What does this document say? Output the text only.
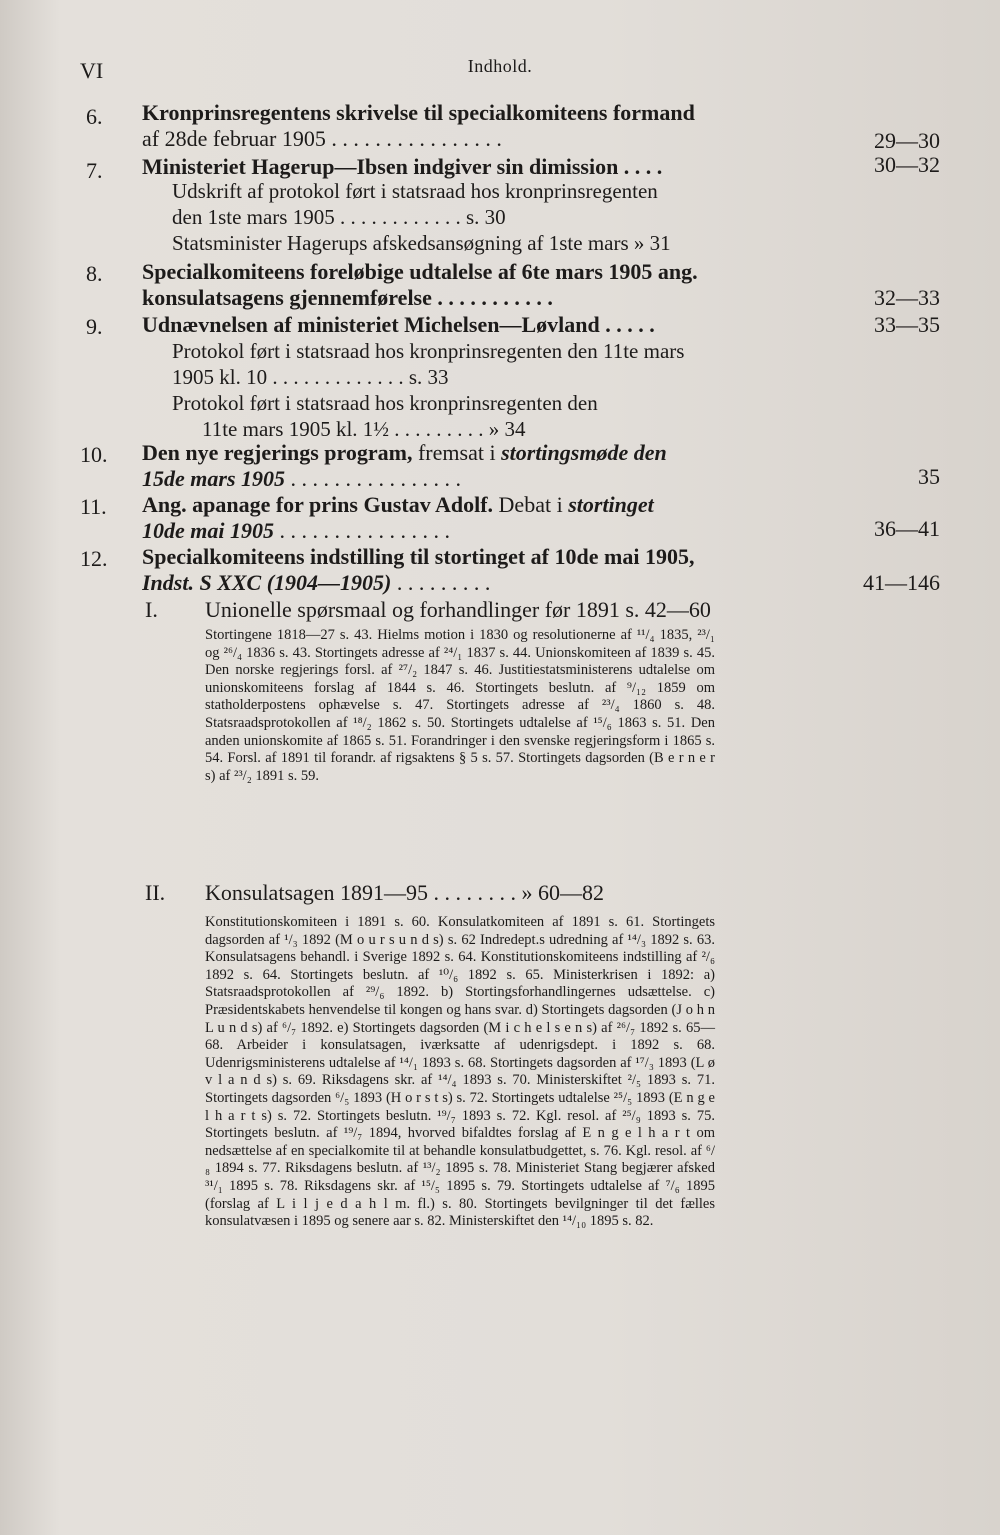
VI	Indhold.
6.	Kronprinsregentens skrivelse til specialkomiteens formand
af 28de februar 1905 . . . . . . . . . . . . . . . .	29—30
7.	Ministeriet Hagerup—Ibsen indgiver sin dimission . . . .	30—32
Udskrift af protokol ført i statsraad hos kronprinsregenten
den 1ste mars 1905 . . . . . . . . . . . . s. 30
Statsminister Hagerups afskedsansøgning af 1ste mars » 31
8.	Specialkomiteens foreløbige udtalelse af 6te mars 1905 ang.
konsulatsagens gjennemførelse . . . . . . . . . . .	32—33
9.	Udnævnelsen af ministeriet Michelsen—Løvland . . . . .	33—35
Protokol ført i statsraad hos kronprinsregenten den 11te mars
1905 kl. 10 . . . . . . . . . . . . . s. 33
Protokol ført i statsraad hos kronprinsregenten den
11te mars 1905 kl. 1½ . . . . . . . . . » 34
10.	Den nye regjerings program, fremsat i stortingsmøde den
15de mars 1905 . . . . . . . . . . . . . . . .	35
11.	Ang. apanage for prins Gustav Adolf. Debat i stortinget
10de mai 1905 . . . . . . . . . . . . . . . .	36—41
12.	Specialkomiteens indstilling til stortinget af 10de mai 1905,
Indst. S XXC (1904—1905) . . . . . . . . .	41—146
I. Unionelle spørsmaal og forhandlinger før 1891 s. 42—60
Stortingene 1818—27 s. 43. Hielms motion i 1830 og resolutionerne af ¹¹/₄ 1835, ²³/₁ og ²⁶/₄ 1836 s. 43. Stortingets adresse af ²⁴/₁ 1837 s. 44. Unionskomiteen af 1839 s. 45. Den norske regjerings forsl. af ²⁷/₂ 1847 s. 46. Justitiestatsministerens udtalelse om unionskomiteens forslag af 1844 s. 46. Stortingets beslutn. af ⁹/₁₂ 1859 om statholderpostens ophævelse s. 47. Stortingets adresse af ²³/₄ 1860 s. 48. Statsraadsprotokollen af ¹⁸/₂ 1862 s. 50. Stortingets udtalelse af ¹⁵/₆ 1863 s. 51. Den anden unionskomite af 1865 s. 51. Forandringer i den svenske regjeringsform i 1865 s. 54. Forsl. af 1891 til forandr. af rigsaktens § 5 s. 57. Stortingets dagsorden (B e r n e r s) af ²³/₂ 1891 s. 59.
II. Konsulatsagen 1891—95 . . . . . . . . » 60—82
Konstitutionskomiteen i 1891 s. 60. Konsulatkomiteen af 1891 s. 61. Stortingets dagsorden af ¹/₃ 1892 (M o u r s u n d s) s. 62 Indredept.s udredning af ¹⁴/₃ 1892 s. 63. Konsulatsagens behandl. i Sverige 1892 s. 64. Konstitutionskomiteens indstilling af ²/₆ 1892 s. 64. Stortingets beslutn. af ¹⁰/₆ 1892 s. 65. Ministerkrisen i 1892: a) Statsraadsprotokollen af ²⁹/₆ 1892. b) Stortingsforhandlingernes udsættelse. c) Præsidentskabets henvendelse til kongen og hans svar. d) Stortingets dagsorden (J o h n L u n d s) af ⁶/₇ 1892. e) Stortingets dagsorden (M i c h e l s e n s) af ²⁶/₇ 1892 s. 65—68. Arbeider i konsulatsagen, iværksatte af udenrigsdept. i 1892 s. 68. Udenrigsministerens udtalelse af ¹⁴/₁ 1893 s. 68. Stortingets dagsorden af ¹⁷/₃ 1893 (L ø v l a n d s) s. 69. Riksdagens skr. af ¹⁴/₄ 1893 s. 70. Ministerskiftet ²/₅ 1893 s. 71. Stortingets dagsorden ⁶/₅ 1893 (H o r s t s) s. 72. Stortingets udtalelse ²⁵/₅ 1893 (E n g e l h a r t s) s. 72. Stortingets beslutn. ¹⁹/₇ 1893 s. 72. Kgl. resol. af ²⁵/₉ 1893 s. 75. Stortingets beslutn. af ¹⁹/₇ 1894, hvorved bifaldtes forslag af E n g e l h a r t om nedsættelse af en specialkomite til at behandle konsulatbudgettet, s. 76. Kgl. resol. af ⁶/₈ 1894 s. 77. Riksdagens beslutn. af ¹³/₂ 1895 s. 78. Ministeriet Stang begjærer afsked ³¹/₁ 1895 s. 78. Riksdagens skr. af ¹⁵/₅ 1895 s. 79. Stortingets udtalelse af ⁷/₆ 1895 (forslag af L i l j e d a h l m. fl.) s. 80. Stortingets bevilgninger til det fælles konsulatvæsen i 1895 og senere aar s. 82. Ministerskiftet den ¹⁴/₁₀ 1895 s. 82.
